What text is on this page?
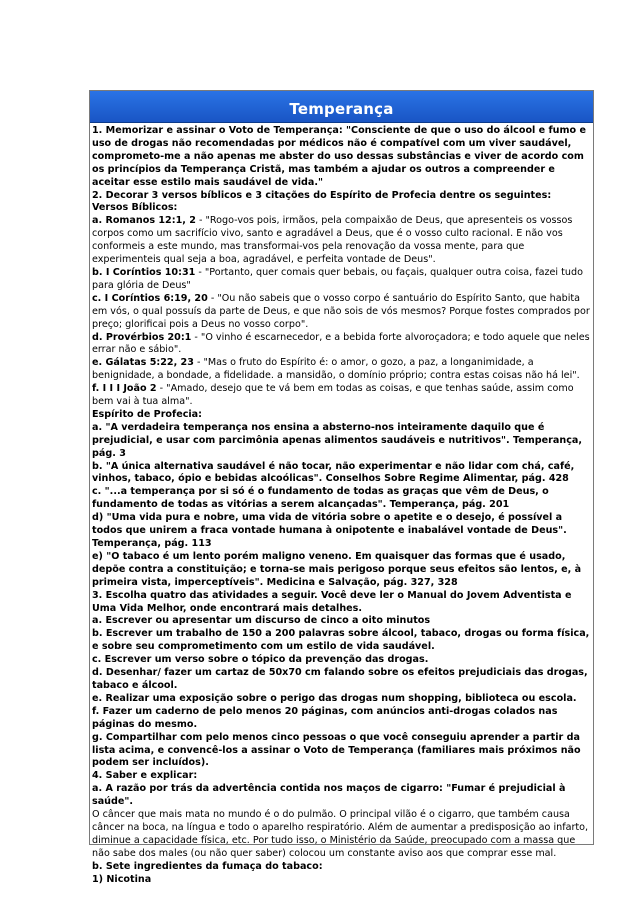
Temperança

1. Memorizar e assinar o Voto de Temperança: "Consciente de que o uso do álcool e fumo e uso de drogas não recomendadas por médicos não é compatível com um viver saudável, comprometo-me a não apenas me abster do uso dessas substâncias e viver de acordo com os princípios da Temperança Cristã, mas também a ajudar os outros a compreender e aceitar esse estilo mais saudável de vida."

2. Decorar 3 versos bíblicos e 3 citações do Espírito de Profecia dentre os seguintes:

Versos Bíblicos:

a. Romanos 12:1, 2 - "Rogo-vos pois, irmãos, pela compaixão de Deus, que apresenteis os vossos corpos como um sacrifício vivo, santo e agradável a Deus, que é o vosso culto racional. E não vos conformeis a este mundo, mas transformai-vos pela renovação da vossa mente, para que experimenteis qual seja a boa, agradável, e perfeita vontade de Deus".

b. I Coríntios 10:31 - "Portanto, quer comais quer bebais, ou façais, qualquer outra coisa, fazei tudo para glória de Deus"

c. I Coríntios 6:19, 20 - "Ou não sabeis que o vosso corpo é santuário do Espírito Santo, que habita em vós, o qual possuís da parte de Deus, e que não sois de vós mesmos? Porque fostes comprados por preço; glorificai pois a Deus no vosso corpo".

d. Provérbios 20:1 - "O vinho é escarnecedor, e a bebida forte alvoroçadora; e todo aquele que neles errar não e sábio".

e. Gálatas 5:22, 23 - "Mas o fruto do Espírito é: o amor, o gozo, a paz, a longanimidade, a benignidade, a bondade, a fidelidade. a mansidão, o domínio próprio; contra estas coisas não há lei".

f. I I I João 2 - "Amado, desejo que te vá bem em todas as coisas, e que tenhas saúde, assim como bem vai à tua alma".

Espírito de Profecia:

a. "A verdadeira temperança nos ensina a absterno-nos inteiramente daquilo que é prejudicial, e usar com parcimônia apenas alimentos saudáveis e nutritivos". Temperança, pág. 3

b. "A única alternativa saudável é não tocar, não experimentar e não lidar com chá, café, vinhos, tabaco, ópio e bebidas alcoólicas". Conselhos Sobre Regime Alimentar, pág. 428

c. "...a temperança por si só é o fundamento de todas as graças que vêm de Deus, o fundamento de todas as vitórias a serem alcançadas". Temperança, pág. 201

d) "Uma vida pura e nobre, uma vida de vitória sobre o apetite e o desejo, é possível a todos que unirem a fraca vontade humana à onipotente e inabalável vontade de Deus". Temperança, pág. 113

e) "O tabaco é um lento porém maligno veneno. Em quaisquer das formas que é usado, depõe contra a constituição; e torna-se mais perigoso porque seus efeitos são lentos, e, à primeira vista, imperceptíveis". Medicina e Salvação, pág. 327, 328

3. Escolha quatro das atividades a seguir. Você deve ler o Manual do Jovem Adventista e Uma Vida Melhor, onde encontrará mais detalhes.

a. Escrever ou apresentar um discurso de cinco a oito minutos

b. Escrever um trabalho de 150 a 200 palavras sobre álcool, tabaco, drogas ou forma física, e sobre seu comprometimento com um estilo de vida saudável.

c. Escrever um verso sobre o tópico da prevenção das drogas.

d. Desenhar/ fazer um cartaz de 50x70 cm falando sobre os efeitos prejudiciais das drogas, tabaco e álcool.

e. Realizar uma exposição sobre o perigo das drogas num shopping, biblioteca ou escola.

f. Fazer um caderno de pelo menos 20 páginas, com anúncios anti-drogas colados nas páginas do mesmo.

g. Compartilhar com pelo menos cinco pessoas o que você conseguiu aprender a partir da lista acima, e convencê-los a assinar o Voto de Temperança (familiares mais próximos não podem ser incluídos).

4. Saber e explicar:

a. A razão por trás da advertência contida nos maços de cigarro: "Fumar é prejudicial à saúde".

O câncer que mais mata no mundo é o do pulmão. O principal vilão é o cigarro, que também causa câncer na boca, na língua e todo o aparelho respiratório. Além de aumentar a predisposição ao infarto, diminue a capacidade física, etc. Por tudo isso, o Ministério da Saúde, preocupado com a massa que não sabe dos males (ou não quer saber) colocou um constante aviso aos que comprar esse mal.

b. Sete ingredientes da fumaça do tabaco:

1) Nicotina
